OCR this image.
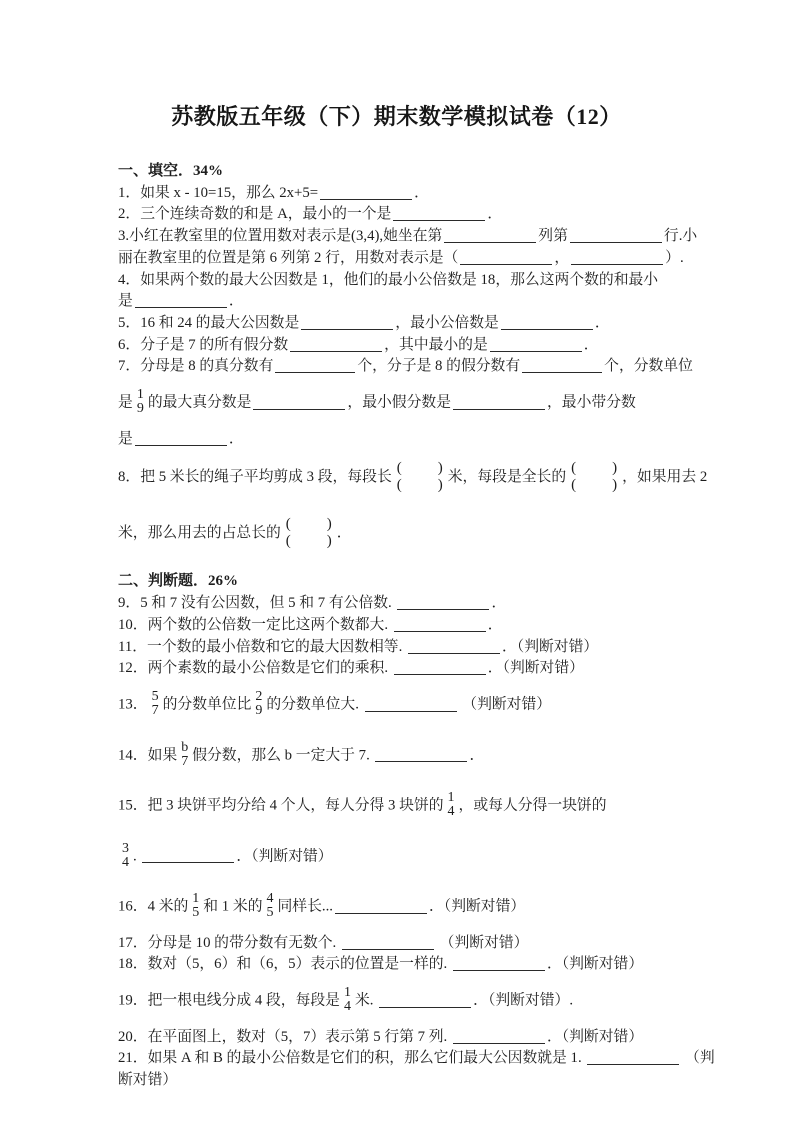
苏教版五年级（下）期末数学模拟试卷（12）
一、填空．34%
1．如果 x - 10=15，那么 2x+5=	．
2．三个连续奇数的和是 A，最小的一个是	．
3.小红在教室里的位置用数对表示是(3,4),她坐在第	列第	行.小
丽在教室里的位置是第 6 列第 2 行，用数对表示是（	，	）.
4．如果两个数的最大公因数是 1，他们的最小公倍数是 18，那么这两个数的和最小
是	．
5．16 和 24 的最大公因数是	，最小公倍数是	．
6．分子是 7 的所有假分数	，其中最小的是	．
7．分母是 8 的真分数有	个，分子是 8 的假分数有	个，分数单位
是
1
9 的最大真分数是	，最小假分数是	，最小带分数
是	．
8．把 5 米长的绳子平均剪成 3 段，每段长
( )
( ) 米，每段是全长的
( )
( ) ，如果用去 2
米，那么用去的占总长的
( )
( ) ．
二、判断题．26%
9．5 和 7 没有公因数，但 5 和 7 有公倍数.	．
10．两个数的公倍数一定比这两个数都大.	．
11．一个数的最小倍数和它的最大因数相等.	．（判断对错）
12．两个素数的最小公倍数是它们的乘积.	．（判断对错）
13．
5
7 的分数单位比
2
9 的分数单位大.	（判断对错）
14．如果
b
7 假分数，那么 b 一定大于 7.	．
15．把 3 块饼平均分给 4 个人，每人分得 3 块饼的
1
4 ，或每人分得一块饼的
3
4 .	．（判断对错）
16．4 米的
1
5 和 1 米的
4
5 同样长...	．（判断对错）
17．分母是 10 的带分数有无数个.	（判断对错）
18．数对（5，6）和（6，5）表示的位置是一样的.	．（判断对错）
19．把一根电线分成 4 段，每段是
1
4 米.	．（判断对错）.
20．在平面图上，数对（5，7）表示第 5 行第 7 列.	．（判断对错）
21．如果 A 和 B 的最小公倍数是它们的积，那么它们最大公因数就是 1.	（判
断对错）
